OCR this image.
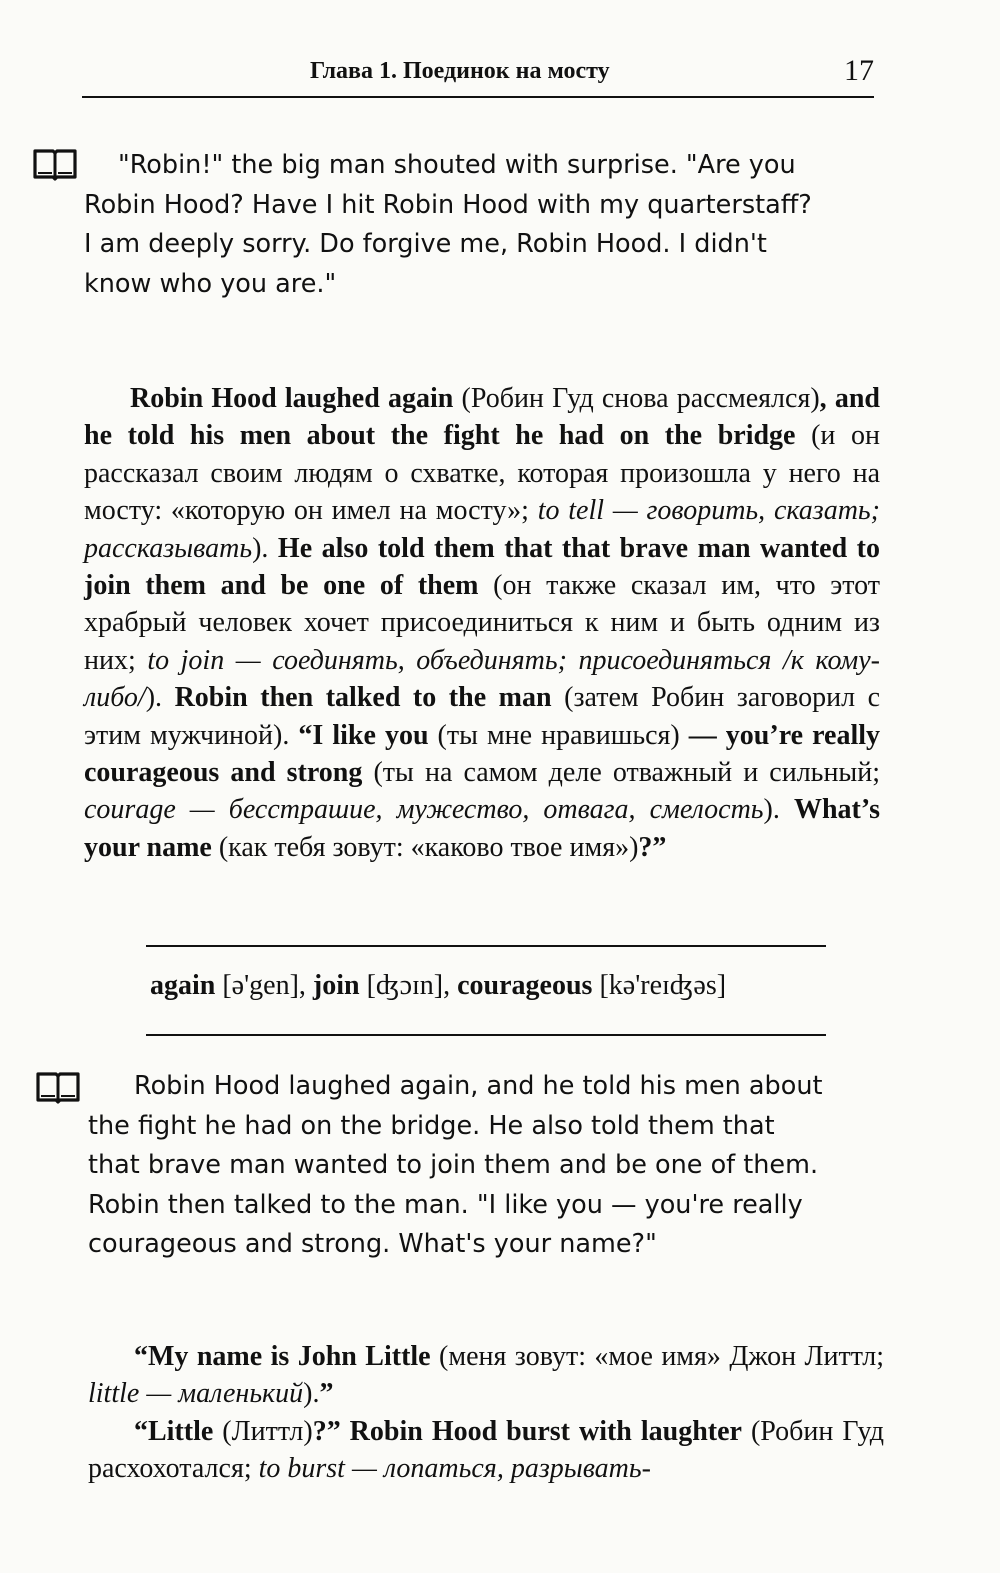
Глава 1. Поединок на мосту	17
"Robin!" the big man shouted with surprise. "Are you
Robin Hood? Have I hit Robin Hood with my quarterstaff?
I am deeply sorry. Do forgive me, Robin Hood. I didn't
know who you are."

Robin Hood laughed again (Робин Гуд снова рассмеялся), and he told his men about the fight he had on the bridge (и он рассказал своим людям о схватке, которая произошла у него на мосту: «которую он имел на мосту»; to tell — говорить, сказать; рассказывать). He also told them that that brave man wanted to join them and be one of them (он также сказал им, что этот храбрый человек хочет присоединиться к ним и быть одним из них; to join — соединять, объединять; присоединяться /к кому-либо/). Robin then talked to the man (затем Робин заговорил с этим мужчиной). “I like you (ты мне нравишься) — you’re really courageous and strong (ты на самом деле отважный и сильный; courage — бесстрашие, мужество, отвага, смелость). What’s your name (как тебя зовут: «каково твое имя»)?”

again [ə'gen], join [ʤɔɪn], courageous [kə'reɪʤəs]
Robin Hood laughed again, and he told his men about
the fight he had on the bridge. He also told them that
that brave man wanted to join them and be one of them.
Robin then talked to the man. "I like you — you're really
courageous and strong. What's your name?"

“My name is John Little (меня зовут: «мое имя» Джон Литтл; little — маленький).”

“Little (Литтл)?” Robin Hood burst with laughter (Робин Гуд расхохотался; to burst — лопаться, разрывать-
